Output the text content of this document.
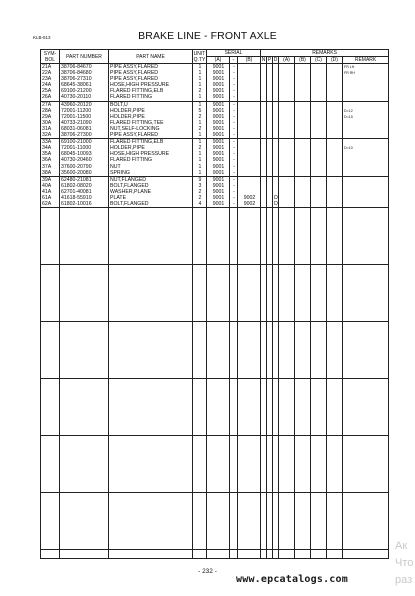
KLB-513	BRAKE LINE - FRONT AXLE
SYM-
BOL	PART NUMBER	PART NAME	UNIT
Q.TY	SERIAL			REMARKS							
				(A)	-	(B)	N	P	D	(A)	(B)	(C)	(D)	REMARK
21A	38706-84670	PIPE ASSY,FLARED	1	9001	-									FR LH
22A	38706-84680	PIPE ASSY,FLARED	1	9001	-									FR RH
23A	38706-27310	PIPE ASSY,FLARED	1	9001	-									
24A	68645-38061	HOSE,HIGH PRESSURE	1	9001	-									
25A	69100-21200	FLARED FITTING,ELB	2	9001	-									
26A	40730-20110	FLARED FITTING	1	9001	-									
27A	43960-20120	BOLT,U	1	9001	-									
28A	72001-11200	HOLDER,PIPE	5	9001	-									D=12
29A	72001-11500	HOLDER,PIPE	2	9001	-									D=15
30A	40733-21090	FLARED FITTING,TEE	1	9001	-									
31A	68031-06081	NUT,SELF-LOCKING	2	9001	-									
32A	38706-27300	PIPE ASSY,FLARED	1	9001	-									
33A	69100-21000	FLARED FITTING,ELB	1	9001	-									
34A	72001-11000	HOLDER,PIPE	2	9001	-									D=10
35A	68045-10093	HOSE,HIGH PRESSURE	1	9001	-									
36A	40730-20460	FLARED FITTING	1	9001	-									
37A	37600-20790	NUT	1	9001	-									
38A	35600-20080	SPRING	1	9001	-									
39A	62480-21081	NUT,FLANGED	9	9001	-									
40A	61802-08020	BOLT,FLANGED	3	9001	-									
41A	62701-40081	WASHER,PLANE	2	9001	-									
61A	41618-55910	PLATE	2	9001	-	9002			D					
62A	61802-10016	BOLT,FLANGED	4	9001	-	9002			D					

- 232 -
www.epcatalogs.com
Ак
Что
раз
